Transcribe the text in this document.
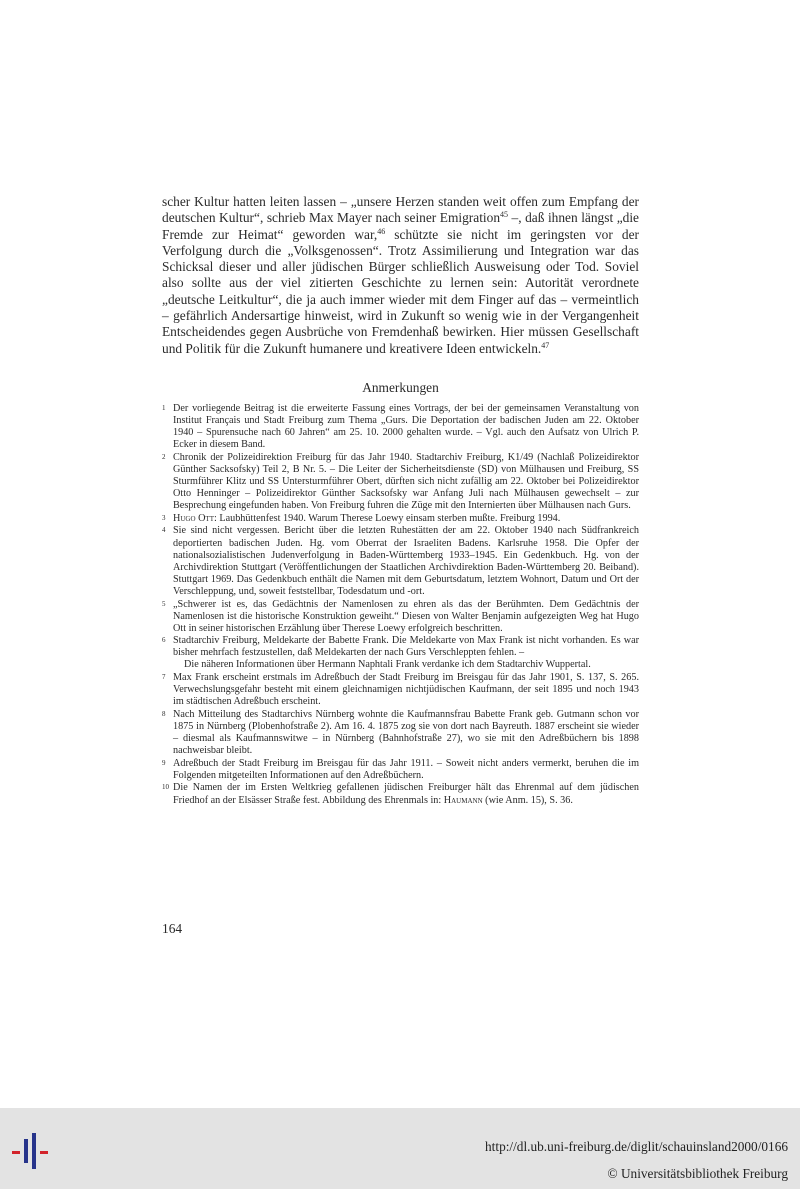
scher Kultur hatten leiten lassen – „unsere Herzen standen weit offen zum Empfang der deutschen Kultur“, schrieb Max Mayer nach seiner Emigration$^{45}$ –, daß ihnen längst „die Fremde zur Heimat“ geworden war,$^{46}$ schützte sie nicht im geringsten vor der Verfolgung durch die „Volksgenossen“. Trotz Assimilierung und Integration war das Schicksal dieser und aller jüdischen Bürger schließlich Ausweisung oder Tod. Soviel also sollte aus der viel zitierten Geschichte zu lernen sein: Autorität verordnete „deutsche Leitkultur“, die ja auch immer wieder mit dem Finger auf das – vermeintlich – gefährlich Andersartige hinweist, wird in Zukunft so wenig wie in der Vergangenheit Entscheidendes gegen Ausbrüche von Fremdenhaß bewirken. Hier müssen Gesellschaft und Politik für die Zukunft humanere und kreativere Ideen entwickeln.$^{47}$

Anmerkungen
1 Der vorliegende Beitrag ist die erweiterte Fassung eines Vortrags, der bei der gemeinsamen Veranstaltung von Institut Français und Stadt Freiburg zum Thema „Gurs. Die Deportation der badischen Juden am 22. Oktober 1940 – Spurensuche nach 60 Jahren“ am 25. 10. 2000 gehalten wurde. – Vgl. auch den Aufsatz von Ulrich P. Ecker in diesem Band.
2 Chronik der Polizeidirektion Freiburg für das Jahr 1940. Stadtarchiv Freiburg, K1/49 (Nachlaß Polizeidirektor Günther Sacksofsky) Teil 2, B Nr. 5. – Die Leiter der Sicherheitsdienste (SD) von Mülhausen und Freiburg, SS Sturmführer Klitz und SS Untersturmführer Obert, dürften sich nicht zufällig am 22. Oktober bei Polizeidirektor Otto Henninger – Polizeidirektor Günther Sacksofsky war Anfang Juli nach Mülhausen gewechselt – zur Besprechung eingefunden haben. Von Freiburg fuhren die Züge mit den Internierten über Mülhausen nach Gurs.
3 Hugo Ott: Laubhüttenfest 1940. Warum Therese Loewy einsam sterben mußte. Freiburg 1994.
4 Sie sind nicht vergessen. Bericht über die letzten Ruhestätten der am 22. Oktober 1940 nach Südfrankreich deportierten badischen Juden. Hg. vom Oberrat der Israeliten Badens. Karlsruhe 1958. Die Opfer der nationalsozialistischen Judenverfolgung in Baden-Württemberg 1933–1945. Ein Gedenkbuch. Hg. von der Archivdirektion Stuttgart (Veröffentlichungen der Staatlichen Archivdirektion Baden-Württemberg 20. Beiband). Stuttgart 1969. Das Gedenkbuch enthält die Namen mit dem Geburtsdatum, letztem Wohnort, Datum und Ort der Verschleppung, und, soweit feststellbar, Todesdatum und -ort.
5 „Schwerer ist es, das Gedächtnis der Namenlosen zu ehren als das der Berühmten. Dem Gedächtnis der Namenlosen ist die historische Konstruktion geweiht.“ Diesen von Walter Benjamin aufgezeigten Weg hat Hugo Ott in seiner historischen Erzählung über Therese Loewy erfolgreich beschritten.
6 Stadtarchiv Freiburg, Meldekarte der Babette Frank. Die Meldekarte von Max Frank ist nicht vorhanden. Es war bisher mehrfach festzustellen, daß Meldekarten der nach Gurs Verschleppten fehlen. –
Die näheren Informationen über Hermann Naphtali Frank verdanke ich dem Stadtarchiv Wuppertal.
7 Max Frank erscheint erstmals im Adreßbuch der Stadt Freiburg im Breisgau für das Jahr 1901, S. 137, S. 265. Verwechslungsgefahr besteht mit einem gleichnamigen nichtjüdischen Kaufmann, der seit 1895 und noch 1943 im städtischen Adreßbuch erscheint.
8 Nach Mitteilung des Stadtarchivs Nürnberg wohnte die Kaufmannsfrau Babette Frank geb. Gutmann schon vor 1875 in Nürnberg (Plobenhofstraße 2). Am 16. 4. 1875 zog sie von dort nach Bayreuth. 1887 erscheint sie wieder – diesmal als Kaufmannswitwe – in Nürnberg (Bahnhofstraße 27), wo sie mit den Adreßbüchern bis 1898 nachweisbar bleibt.
9 Adreßbuch der Stadt Freiburg im Breisgau für das Jahr 1911. – Soweit nicht anders vermerkt, beruhen die im Folgenden mitgeteilten Informationen auf den Adreßbüchern.
10 Die Namen der im Ersten Weltkrieg gefallenen jüdischen Freiburger hält das Ehrenmal auf dem jüdischen Friedhof an der Elsässer Straße fest. Abbildung des Ehrenmals in: Haumann (wie Anm. 15), S. 36.
164
http://dl.ub.uni-freiburg.de/diglit/schauinsland2000/0166
© Universitätsbibliothek Freiburg
